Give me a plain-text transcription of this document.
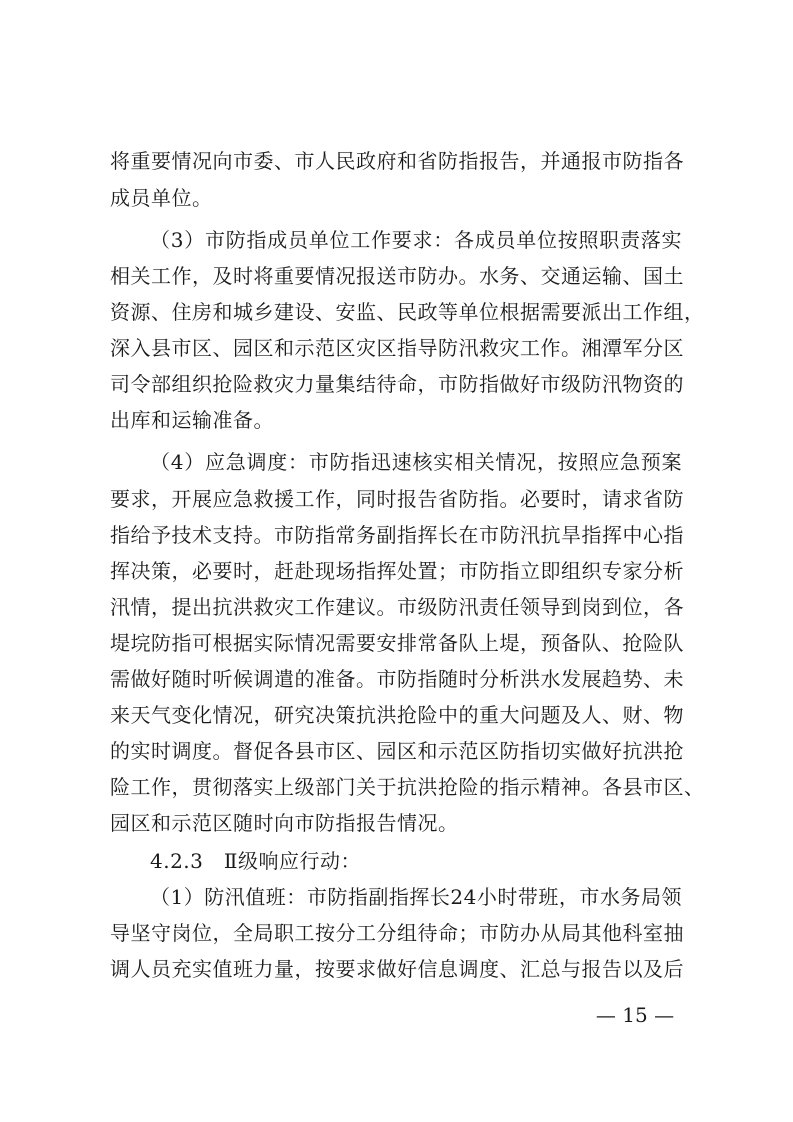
将重要情况向市委、市人民政府和省防指报告，并通报市防指各
成员单位。
（3）市防指成员单位工作要求：各成员单位按照职责落实
相关工作，及时将重要情况报送市防办。水务、交通运输、国土
资源、住房和城乡建设、安监、民政等单位根据需要派出工作组，
深入县市区、园区和示范区灾区指导防汛救灾工作。湘潭军分区
司令部组织抢险救灾力量集结待命，市防指做好市级防汛物资的
出库和运输准备。
（4）应急调度：市防指迅速核实相关情况，按照应急预案
要求，开展应急救援工作，同时报告省防指。必要时，请求省防
指给予技术支持。市防指常务副指挥长在市防汛抗旱指挥中心指
挥决策，必要时，赶赴现场指挥处置；市防指立即组织专家分析
汛情，提出抗洪救灾工作建议。市级防汛责任领导到岗到位，各
堤垸防指可根据实际情况需要安排常备队上堤，预备队、抢险队
需做好随时听候调遣的准备。市防指随时分析洪水发展趋势、未
来天气变化情况，研究决策抗洪抢险中的重大问题及人、财、物
的实时调度。督促各县市区、园区和示范区防指切实做好抗洪抢
险工作，贯彻落实上级部门关于抗洪抢险的指示精神。各县市区、
园区和示范区随时向市防指报告情况。
4.2.3　Ⅱ级响应行动：
（1）防汛值班：市防指副指挥长24小时带班，市水务局领
导坚守岗位，全局职工按分工分组待命；市防办从局其他科室抽
调人员充实值班力量，按要求做好信息调度、汇总与报告以及后
— 15 —
